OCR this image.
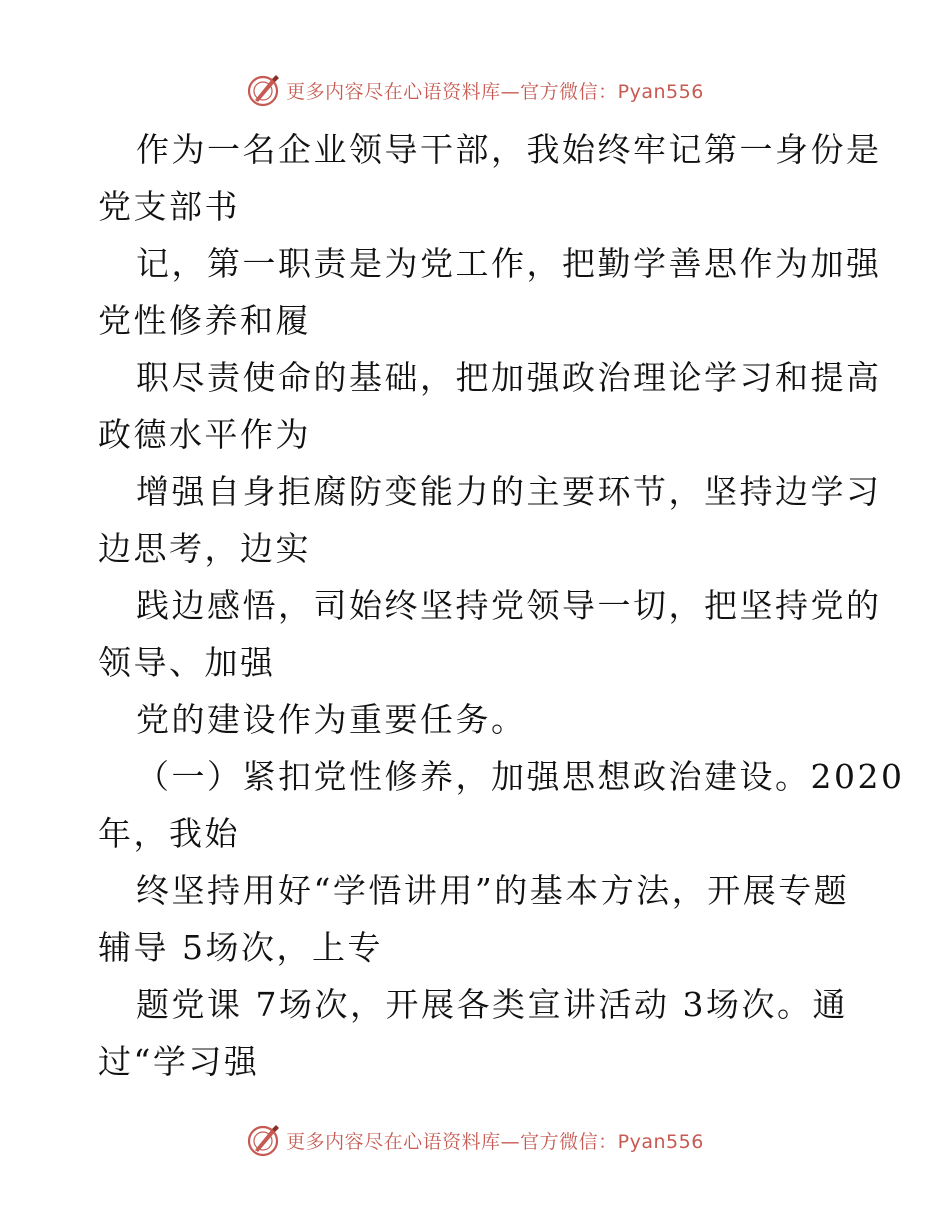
更多内容尽在心语资料库—官方微信：Pyan556
作为一名企业领导干部，我始终牢记第一身份是
党支部书
记，第一职责是为党工作，把勤学善思作为加强
党性修养和履
职尽责使命的基础，把加强政治理论学习和提高
政德水平作为
增强自身拒腐防变能力的主要环节，坚持边学习
边思考，边实
践边感悟，司始终坚持党领导一切，把坚持党的
领导、加强
党的建设作为重要任务。
（一）紧扣党性修养，加强思想政治建设。2020
年，我始
终坚持用好“学悟讲用”的基本方法，开展专题
辅导 5场次，上专
题党课 7场次，开展各类宣讲活动 3场次。通
过“学习强
更多内容尽在心语资料库—官方微信：Pyan556
